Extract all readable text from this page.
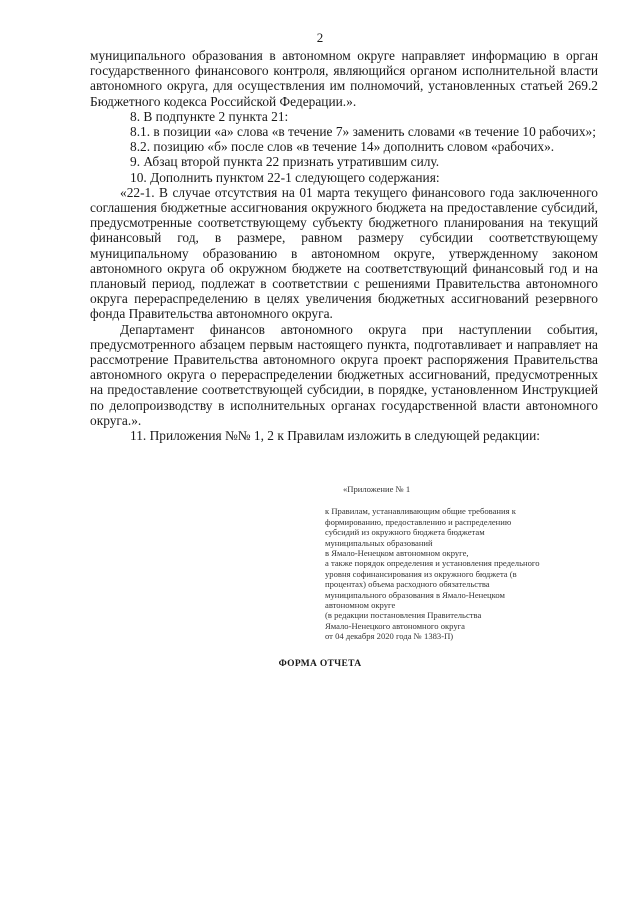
2

муниципального образования в автономном округе направляет информацию в орган государственного финансового контроля, являющийся органом исполнительной власти автономного округа, для осуществления им полномочий, установленных статьей 269.2 Бюджетного кодекса Российской Федерации.».

8. В подпункте 2 пункта 21:

8.1. в позиции «а» слова «в течение 7» заменить словами «в течение 10 рабочих»;

8.2. позицию «б» после слов «в течение 14» дополнить словом «рабочих».

9. Абзац второй пункта 22 признать утратившим силу.

10. Дополнить пунктом 22-1 следующего содержания:

«22-1. В случае отсутствия на 01 марта текущего финансового года заключенного соглашения бюджетные ассигнования окружного бюджета на предоставление субсидий, предусмотренные соответствующему субъекту бюджетного планирования на текущий финансовый год, в размере, равном размеру субсидии соответствующему муниципальному образованию в автономном округе, утвержденному законом автономного округа об окружном бюджете на соответствующий финансовый год и на плановый период, подлежат в соответствии с решениями Правительства автономного округа перераспределению в целях увеличения бюджетных ассигнований резервного фонда Правительства автономного округа.

Департамент финансов автономного округа при наступлении события, предусмотренного абзацем первым настоящего пункта, подготавливает и направляет на рассмотрение Правительства автономного округа проект распоряжения Правительства автономного округа о перераспределении бюджетных ассигнований, предусмотренных на предоставление соответствующей субсидии, в порядке, установленном Инструкцией по делопроизводству в исполнительных органах государственной власти автономного округа.».

11. Приложения №№ 1, 2 к Правилам изложить в следующей редакции:

«Приложение № 1

к Правилам, устанавливающим общие требования к

формированию, предоставлению и распределению

субсидий из окружного бюджета бюджетам

муниципальных образований

в Ямало-Ненецком автономном округе,

а также порядок определения и установления предельного

уровня софинансирования из окружного бюджета (в

процентах) объема расходного обязательства

муниципального образования в Ямало-Ненецком

автономном округе

(в редакции постановления Правительства

Ямало-Ненецкого автономного округа

от 04 декабря 2020 года № 1383-П)

ФОРМА ОТЧЕТА
